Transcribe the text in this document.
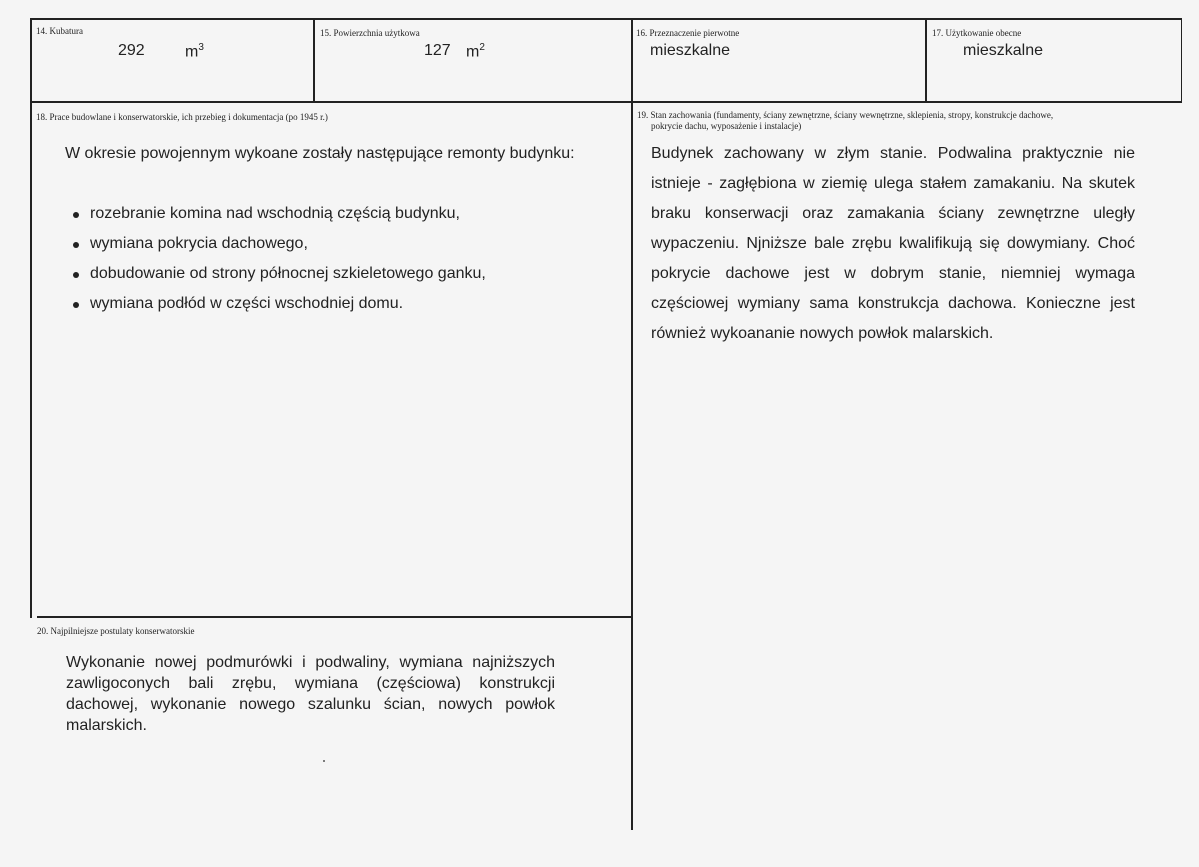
14. Kubatura
292	$m^3$
15. Powierzchnia użytkowa
127 $m^2$
16. Przeznaczenie pierwotne
mieszkalne
17. Użytkowanie obecne
mieszkalne
18. Prace budowlane i konserwatorskie, ich przebieg i dokumentacja (po 1945 r.)
W okresie powojennym wykoane zostały następujące remonty budynku:
rozebranie komina nad wschodnią częścią budynku,
wymiana pokrycia dachowego,
dobudowanie od strony północnej szkieletowego ganku,
wymiana podłód w części wschodniej domu.
19. Stan zachowania (fundamenty, ściany zewnętrzne, ściany wewnętrzne, sklepienia, stropy, konstrukcje dachowe,
pokrycie dachu, wyposażenie i instalacje)
Budynek zachowany w złym stanie. Podwalina praktycznie nie istnieje - zagłębiona w ziemię ulega stałem zamakaniu. Na skutek braku konserwacji oraz zamakania ściany zewnętrzne uległy wypaczeniu. Njniższe bale zrębu kwalifikują się dowymiany. Choć pokrycie dachowe jest w dobrym stanie, niemniej wymaga częściowej wymiany sama konstrukcja dachowa. Konieczne jest również wykoananie nowych powłok malarskich.
20. Najpilniejsze postulaty konserwatorskie
Wykonanie nowej podmurówki i podwaliny, wymiana najniższych zawligoconych bali zrębu, wymiana (częściowa) konstrukcji dachowej, wykonanie nowego szalunku ścian, nowych powłok malarskich.
